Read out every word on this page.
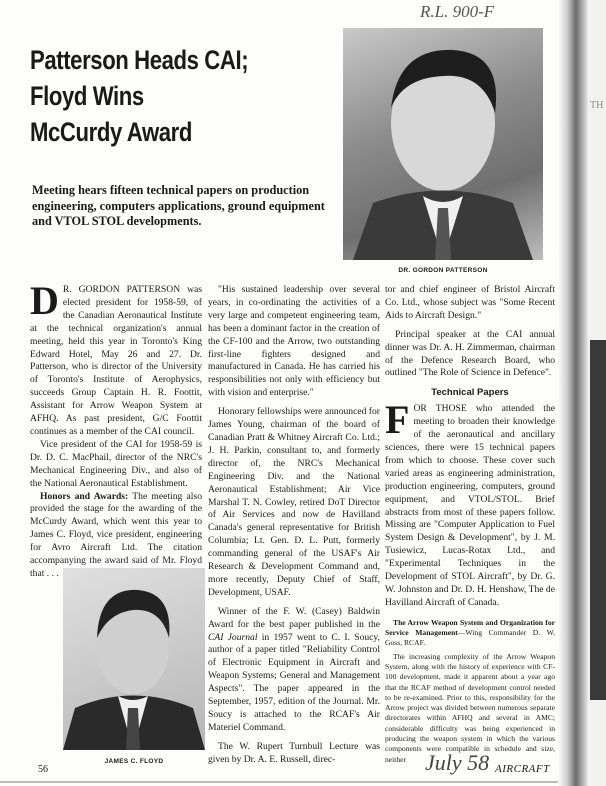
R.L. 900-F
Patterson Heads CAI;
Floyd Wins
McCurdy Award
Meeting hears fifteen technical papers on production engineering, computers applications, ground equipment and VTOL STOL developments.
DR. GORDON PATTERSON

D R. GORDON PATTERSON was elected president for 1958-59, of the Canadian Aeronautical Institute at the technical organization's annual meeting, held this year in Toronto's King Edward Hotel, May 26 and 27. Dr. Patterson, who is director of the University of Toronto's Institute of Aerophysics, succeeds Group Captain H. R. Foottit, Assistant for Arrow Weapon System at AFHQ. As past president, G/C Foottit continues as a member of the CAI council.

Vice president of the CAI for 1958-59 is Dr. D. C. MacPhail, director of the NRC's Mechanical Engineering Div., and also of the National Aeronautical Establishment.

Honors and Awards: The meeting also provided the stage for the awarding of the McCurdy Award, which went this year to James C. Floyd, vice president, engineering for Avro Aircraft Ltd. The citation accompanying the award said of Mr. Floyd that . . .

JAMES C. FLOYD

"His sustained leadership over several years, in co-ordinating the activities of a very large and competent engineering team, has been a dominant factor in the creation of the CF-100 and the Arrow, two outstanding first-line fighters designed and manufactured in Canada. He has carried his responsibilities not only with efficiency but with vision and enterprise."

Honorary fellowships were announced for James Young, chairman of the board of Canadian Pratt & Whitney Aircraft Co. Ltd.; J. H. Parkin, consultant to, and formerly director of, the NRC's Mechanical Engineering Div. and the National Aeronautical Establishment; Air Vice Marshal T. N. Cowley, retired DoT Director of Air Services and now de Havilland Canada's general representative for British Columbia; Lt. Gen. D. L. Putt, formerly commanding general of the USAF's Air Research & Development Command and, more recently, Deputy Chief of Staff, Development, USAF.

Winner of the F. W. (Casey) Baldwin Award for the best paper published in the CAI Journal in 1957 went to C. I. Soucy, author of a paper titled "Reliability Control of Electronic Equipment in Aircraft and Weapon Systems; General and Management Aspects". The paper appeared in the September, 1957, edition of the Journal. Mr. Soucy is attached to the RCAF's Air Materiel Command.

The W. Rupert Turnbull Lecture was given by Dr. A. E. Russell, direc-

tor and chief engineer of Bristol Aircraft Co. Ltd., whose subject was "Some Recent Aids to Aircraft Design."

Principal speaker at the CAI annual dinner was Dr. A. H. Zimmerman, chairman of the Defence Research Board, who outlined "The Role of Science in Defence".

Technical Papers

FOR THOSE who attended the meeting to broaden their knowledge of the aeronautical and ancillary sciences, there were 15 technical papers from which to choose. These cover such varied areas as engineering administration, production engineering, computers, ground equipment, and VTOL/STOL. Brief abstracts from most of these papers follow. Missing are "Computer Application to Fuel System Design & Development", by J. M. Tusiewicz, Lucas-Rotax Ltd., and "Experimental Techniques in the Development of STOL Aircraft", by Dr. G. W. Johnston and Dr. D. H. Henshaw, The de Havilland Aircraft of Canada.

The Arrow Weapon System and Organization for Service Management—Wing Commander D. W. Goss, RCAF.

The increasing complexity of the Arrow Weapon System, along with the history of experience with CF-100 development, made it apparent about a year ago that the RCAF method of development control needed to be re-examined. Prior to this, responsibility for the Arrow project was divided between numerous separate directorates within AFHQ and several in AMC; considerable difficulty was being experienced in producing the weapon system in which the various components were compatible in schedule and size, neither

56	July 58 AIRCRAFT
TH
